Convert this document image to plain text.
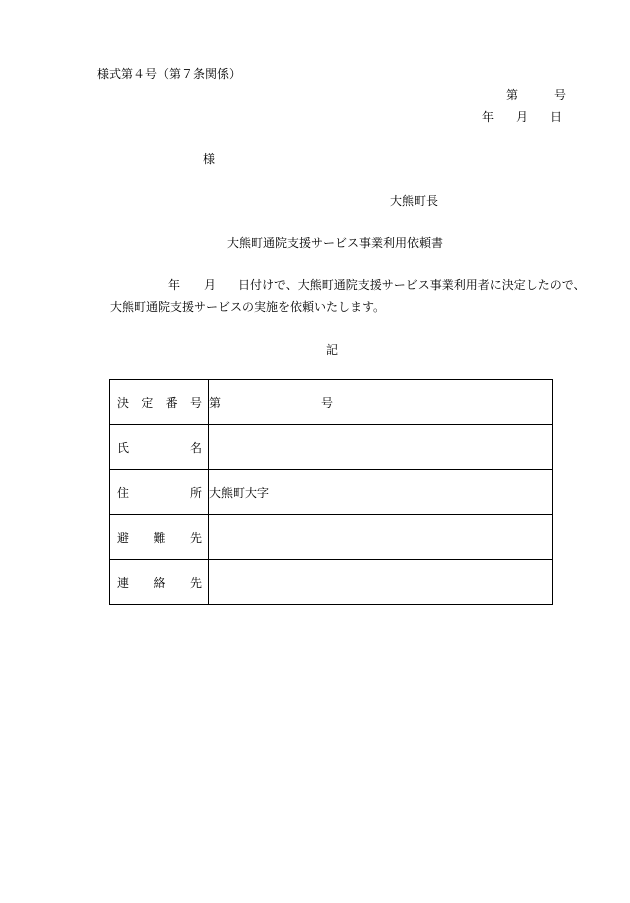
様式第４号（第７条関係）
第	号
年 月 日
様
大熊町長
大熊町通院支援サービス事業利用依頼書
年 月 日付けで、大熊町通院支援サービス事業利用者に決定したので、
大熊町通院支援サービスの実施を依頼いたします。
記
決 定 番 号	第 号

氏 名	

住 所	大熊町大字

避 難 先	

連 絡 先	
